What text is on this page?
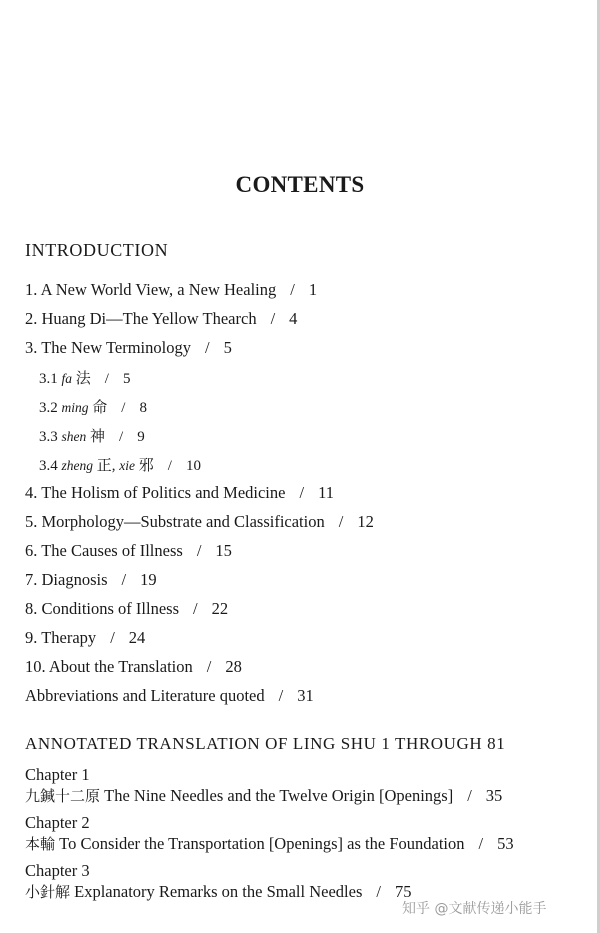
CONTENTS
INTRODUCTION
1. A New World View, a New Healing / 1
2. Huang Di—The Yellow Thearch / 4
3. The New Terminology / 5
3.1 fa 法 / 5
3.2 ming 命 / 8
3.3 shen 神 / 9
3.4 zheng 正, xie 邪 / 10
4. The Holism of Politics and Medicine / 11
5. Morphology—Substrate and Classification / 12
6. The Causes of Illness / 15
7. Diagnosis / 19
8. Conditions of Illness / 22
9. Therapy / 24
10. About the Translation / 28
Abbreviations and Literature quoted / 31
ANNOTATED TRANSLATION OF LING SHU 1 THROUGH 81
Chapter 1
九鍼十二原 The Nine Needles and the Twelve Origin [Openings] / 35
Chapter 2
本輸 To Consider the Transportation [Openings] as the Foundation / 53
Chapter 3
小針解 Explanatory Remarks on the Small Needles / 75
知乎 @文献传递小能手
